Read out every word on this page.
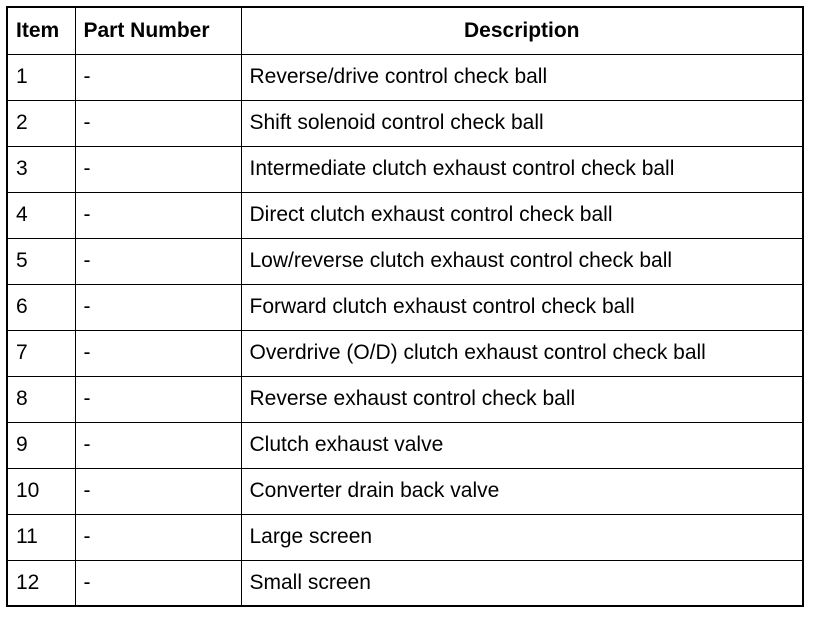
Item	Part Number	Description
1	-	Reverse/drive control check ball
2	-	Shift solenoid control check ball
3	-	Intermediate clutch exhaust control check ball
4	-	Direct clutch exhaust control check ball
5	-	Low/reverse clutch exhaust control check ball
6	-	Forward clutch exhaust control check ball
7	-	Overdrive (O/D) clutch exhaust control check ball
8	-	Reverse exhaust control check ball
9	-	Clutch exhaust valve
10	-	Converter drain back valve
11	-	Large screen
12	-	Small screen
